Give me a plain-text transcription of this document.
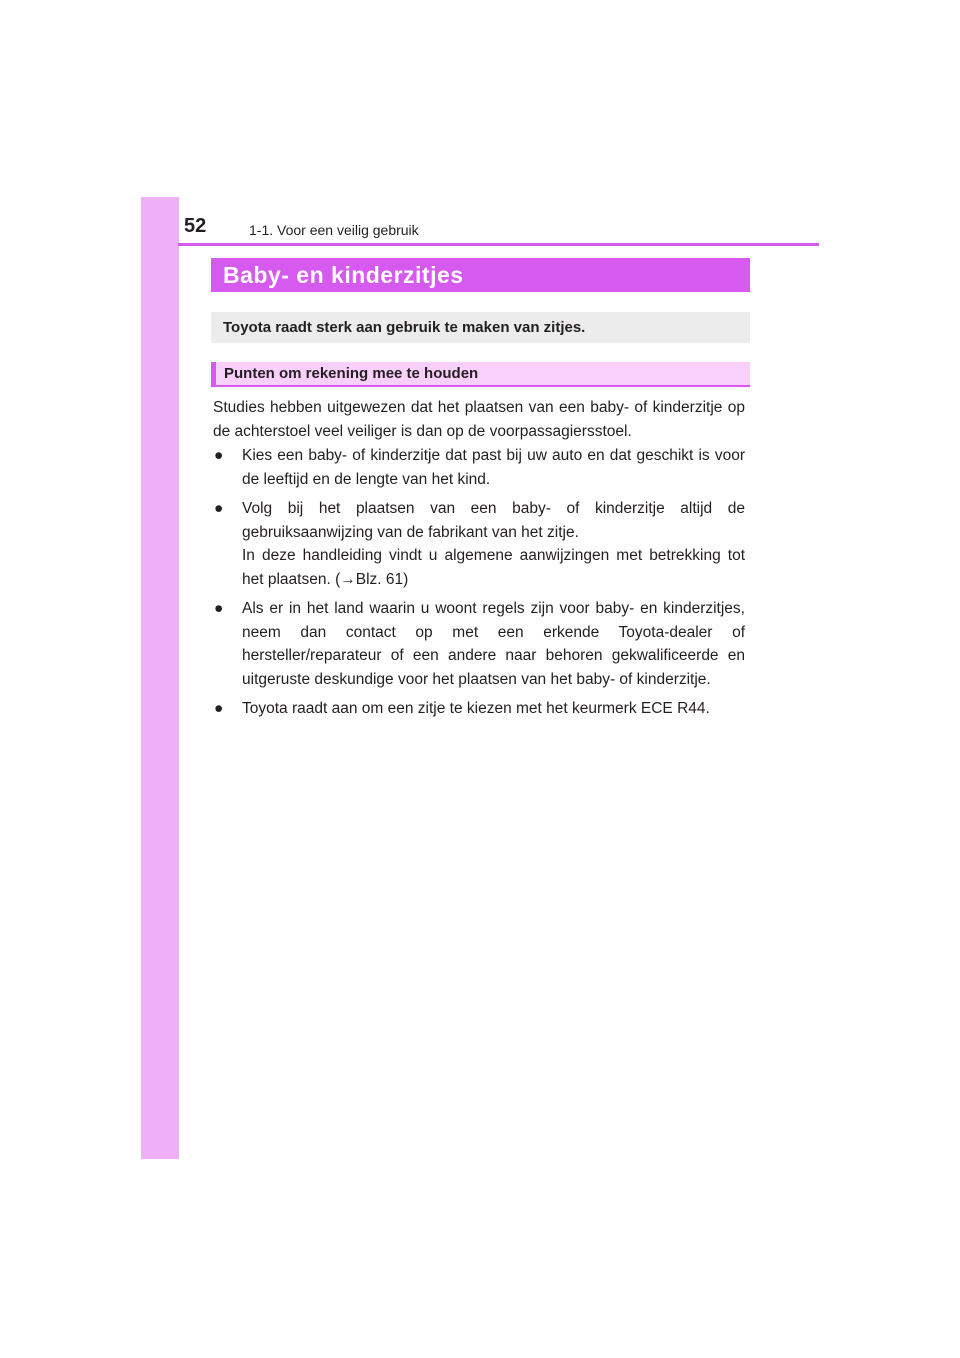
52	1-1. Voor een veilig gebruik
Baby- en kinderzitjes
Toyota raadt sterk aan gebruik te maken van zitjes.
Punten om rekening mee te houden

Studies hebben uitgewezen dat het plaatsen van een baby- of kinderzitje op de achterstoel veel veiliger is dan op de voorpassagiersstoel.

● Kies een baby- of kinderzitje dat past bij uw auto en dat geschikt is voor de leeftijd en de lengte van het kind.
● Volg bij het plaatsen van een baby- of kinderzitje altijd de gebruiksaanwijzing van de fabrikant van het zitje.
In deze handleiding vindt u algemene aanwijzingen met betrekking tot het plaatsen. (→Blz. 61)
● Als er in het land waarin u woont regels zijn voor baby- en kinderzitjes, neem dan contact op met een erkende Toyota-dealer of hersteller/reparateur of een andere naar behoren gekwalificeerde en uitgeruste deskundige voor het plaatsen van het baby- of kinderzitje.
● Toyota raadt aan om een zitje te kiezen met het keurmerk ECE R44.
